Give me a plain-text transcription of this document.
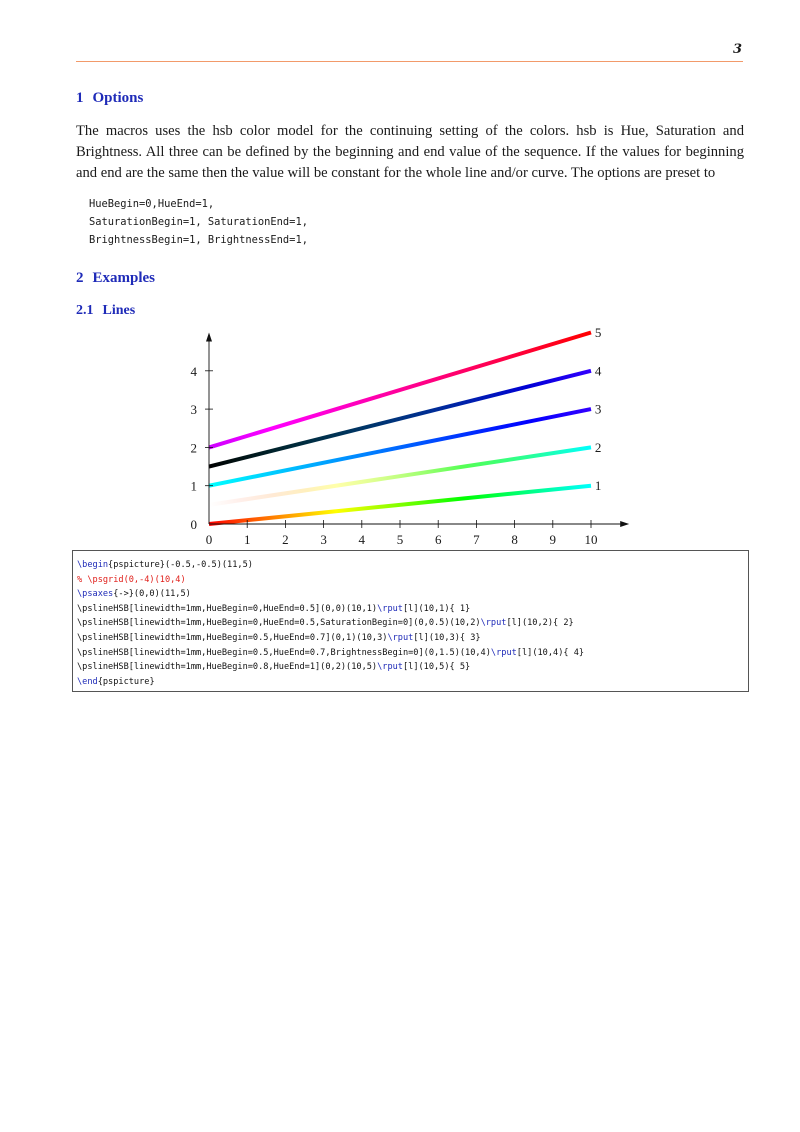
3
1 Options
The macros uses the hsb color model for the continuing setting of the colors. hsb is Hue, Saturation and Brightness. All three can be defined by the beginning and end value of the sequence. If the values for beginning and end are the same then the value will be constant for the whole line and/or curve. The options are preset to
HueBegin=0,HueEnd=1,
SaturationBegin=1, SaturationEnd=1,
BrightnessBegin=1, BrightnessEnd=1,
2 Examples
2.1 Lines
1
2
3
4
5
0 1 2 3 4 5 6 7 8 9 10
0
1
2
3
4
\begin{pspicture}(-0.5,-0.5)(11,5)
% \psgrid(0,-4)(10,4)
\psaxes{->}(0,0)(11,5)
\pslineHSB[linewidth=1mm,HueBegin=0,HueEnd=0.5](0,0)(10,1)\rput[l](10,1){ 1}
\pslineHSB[linewidth=1mm,HueBegin=0,HueEnd=0.5,SaturationBegin=0](0,0.5)(10,2)\rput[l](10,2){ 2}
\pslineHSB[linewidth=1mm,HueBegin=0.5,HueEnd=0.7](0,1)(10,3)\rput[l](10,3){ 3}
\pslineHSB[linewidth=1mm,HueBegin=0.5,HueEnd=0.7,BrightnessBegin=0](0,1.5)(10,4)\rput[l](10,4){ 4}
\pslineHSB[linewidth=1mm,HueBegin=0.8,HueEnd=1](0,2)(10,5)\rput[l](10,5){ 5}
\end{pspicture}
